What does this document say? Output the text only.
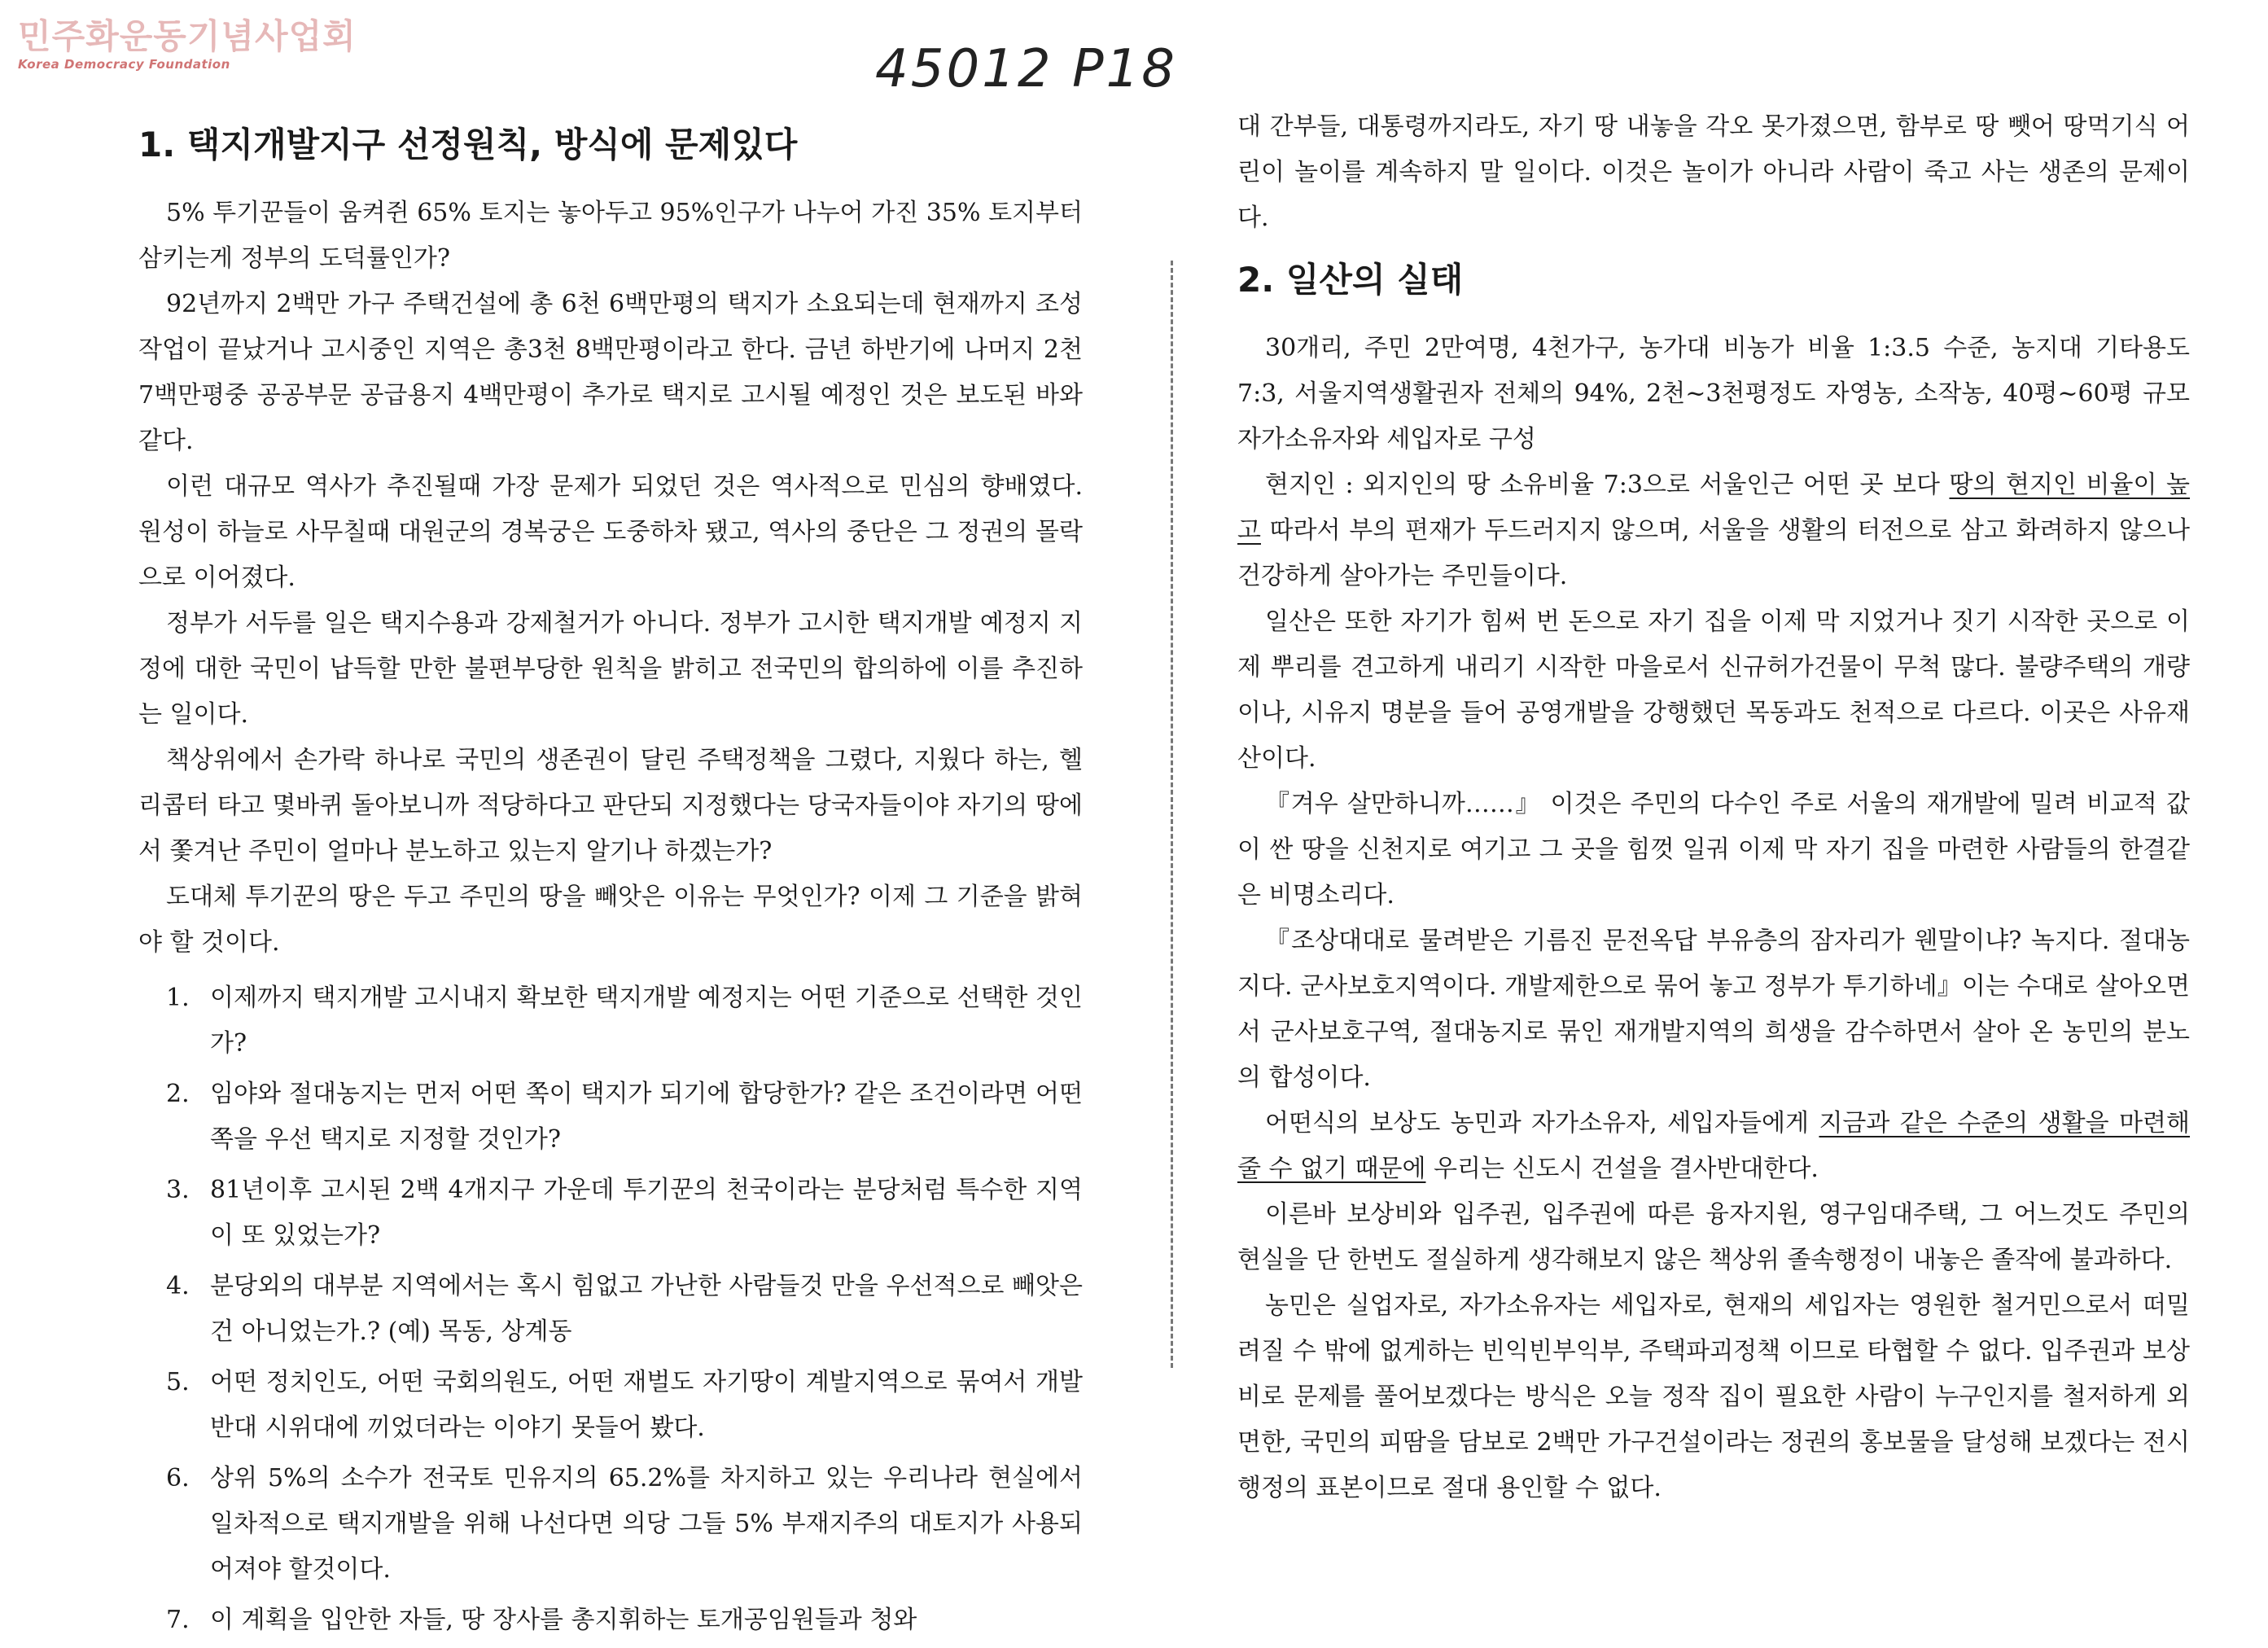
민주화운동기념사업회
Korea Democracy Foundation	45012 P18
1. 택지개발지구 선정원칙, 방식에 문제있다

5% 투기꾼들이 움켜쥔 65% 토지는 놓아두고 95%인구가 나누어 가진 35% 토지부터 삼키는게 정부의 도덕률인가?

92년까지 2백만 가구 주택건설에 총 6천 6백만평의 택지가 소요되는데 현재까지 조성작업이 끝났거나 고시중인 지역은 총3천 8백만평이라고 한다. 금년 하반기에 나머지 2천 7백만평중 공공부문 공급용지 4백만평이 추가로 택지로 고시될 예정인 것은 보도된 바와 같다.

이런 대규모 역사가 추진될때 가장 문제가 되었던 것은 역사적으로 민심의 향배였다. 원성이 하늘로 사무칠때 대원군의 경복궁은 도중하차 됐고, 역사의 중단은 그 정권의 몰락으로 이어졌다.

정부가 서두를 일은 택지수용과 강제철거가 아니다. 정부가 고시한 택지개발 예정지 지정에 대한 국민이 납득할 만한 불편부당한 원칙을 밝히고 전국민의 합의하에 이를 추진하는 일이다.

책상위에서 손가락 하나로 국민의 생존권이 달린 주택정책을 그렸다, 지웠다 하는, 헬리콥터 타고 몇바퀴 돌아보니까 적당하다고 판단되 지정했다는 당국자들이야 자기의 땅에서 쫓겨난 주민이 얼마나 분노하고 있는지 알기나 하겠는가?

도대체 투기꾼의 땅은 두고 주민의 땅을 빼앗은 이유는 무엇인가? 이제 그 기준을 밝혀야 할 것이다.

1. 이제까지 택지개발 고시내지 확보한 택지개발 예정지는 어떤 기준으로 선택한 것인가?
2. 임야와 절대농지는 먼저 어떤 쪽이 택지가 되기에 합당한가? 같은 조건이라면 어떤 쪽을 우선 택지로 지정할 것인가?
3. 81년이후 고시된 2백 4개지구 가운데 투기꾼의 천국이라는 분당처럼 특수한 지역이 또 있었는가?
4. 분당외의 대부분 지역에서는 혹시 힘없고 가난한 사람들것 만을 우선적으로 빼앗은건 아니었는가.? (예) 목동, 상계동
5. 어떤 정치인도, 어떤 국회의원도, 어떤 재벌도 자기땅이 계발지역으로 묶여서 개발반대 시위대에 끼었더라는 이야기 못들어 봤다.
6. 상위 5%의 소수가 전국토 민유지의 65.2%를 차지하고 있는 우리나라 현실에서 일차적으로 택지개발을 위해 나선다면 의당 그들 5% 부재지주의 대토지가 사용되어져야 할것이다.
7. 이 계획을 입안한 자들, 땅 장사를 총지휘하는 토개공임원들과 청와

대 간부들, 대통령까지라도, 자기 땅 내놓을 각오 못가졌으면, 함부로 땅 뺏어 땅먹기식 어린이 놀이를 계속하지 말 일이다. 이것은 놀이가 아니라 사람이 죽고 사는 생존의 문제이다.

2. 일산의 실태

30개리, 주민 2만여명, 4천가구, 농가대 비농가 비율 1:3.5 수준, 농지대 기타용도 7:3, 서울지역생활권자 전체의 94%, 2천~3천평정도 자영농, 소작농, 40평~60평 규모 자가소유자와 세입자로 구성

현지인 : 외지인의 땅 소유비율 7:3으로 서울인근 어떤 곳 보다 땅의 현지인 비율이 높고 따라서 부의 편재가 두드러지지 않으며, 서울을 생활의 터전으로 삼고 화려하지 않으나 건강하게 살아가는 주민들이다.

일산은 또한 자기가 힘써 번 돈으로 자기 집을 이제 막 지었거나 짓기 시작한 곳으로 이제 뿌리를 견고하게 내리기 시작한 마을로서 신규허가건물이 무척 많다. 불량주택의 개량이나, 시유지 명분을 들어 공영개발을 강행했던 목동과도 천적으로 다르다. 이곳은 사유재산이다.

『겨우 살만하니까……』 이것은 주민의 다수인 주로 서울의 재개발에 밀려 비교적 값이 싼 땅을 신천지로 여기고 그 곳을 힘껏 일궈 이제 막 자기 집을 마련한 사람들의 한결같은 비명소리다.

『조상대대로 물려받은 기름진 문전옥답 부유층의 잠자리가 웬말이냐? 녹지다. 절대농지다. 군사보호지역이다. 개발제한으로 묶어 놓고 정부가 투기하네』이는 수대로 살아오면서 군사보호구역, 절대농지로 묶인 재개발지역의 희생을 감수하면서 살아 온 농민의 분노의 합성이다.

어떤식의 보상도 농민과 자가소유자, 세입자들에게 지금과 같은 수준의 생활을 마련해 줄 수 없기 때문에 우리는 신도시 건설을 결사반대한다.

이른바 보상비와 입주권, 입주권에 따른 융자지원, 영구임대주택, 그 어느것도 주민의 현실을 단 한번도 절실하게 생각해보지 않은 책상위 졸속행정이 내놓은 졸작에 불과하다.

농민은 실업자로, 자가소유자는 세입자로, 현재의 세입자는 영원한 철거민으로서 떠밀려질 수 밖에 없게하는 빈익빈부익부, 주택파괴정책 이므로 타협할 수 없다. 입주권과 보상비로 문제를 풀어보겠다는 방식은 오늘 정작 집이 필요한 사람이 누구인지를 철저하게 외면한, 국민의 피땀을 담보로 2백만 가구건설이라는 정권의 홍보물을 달성해 보겠다는 전시행정의 표본이므로 절대 용인할 수 없다.
